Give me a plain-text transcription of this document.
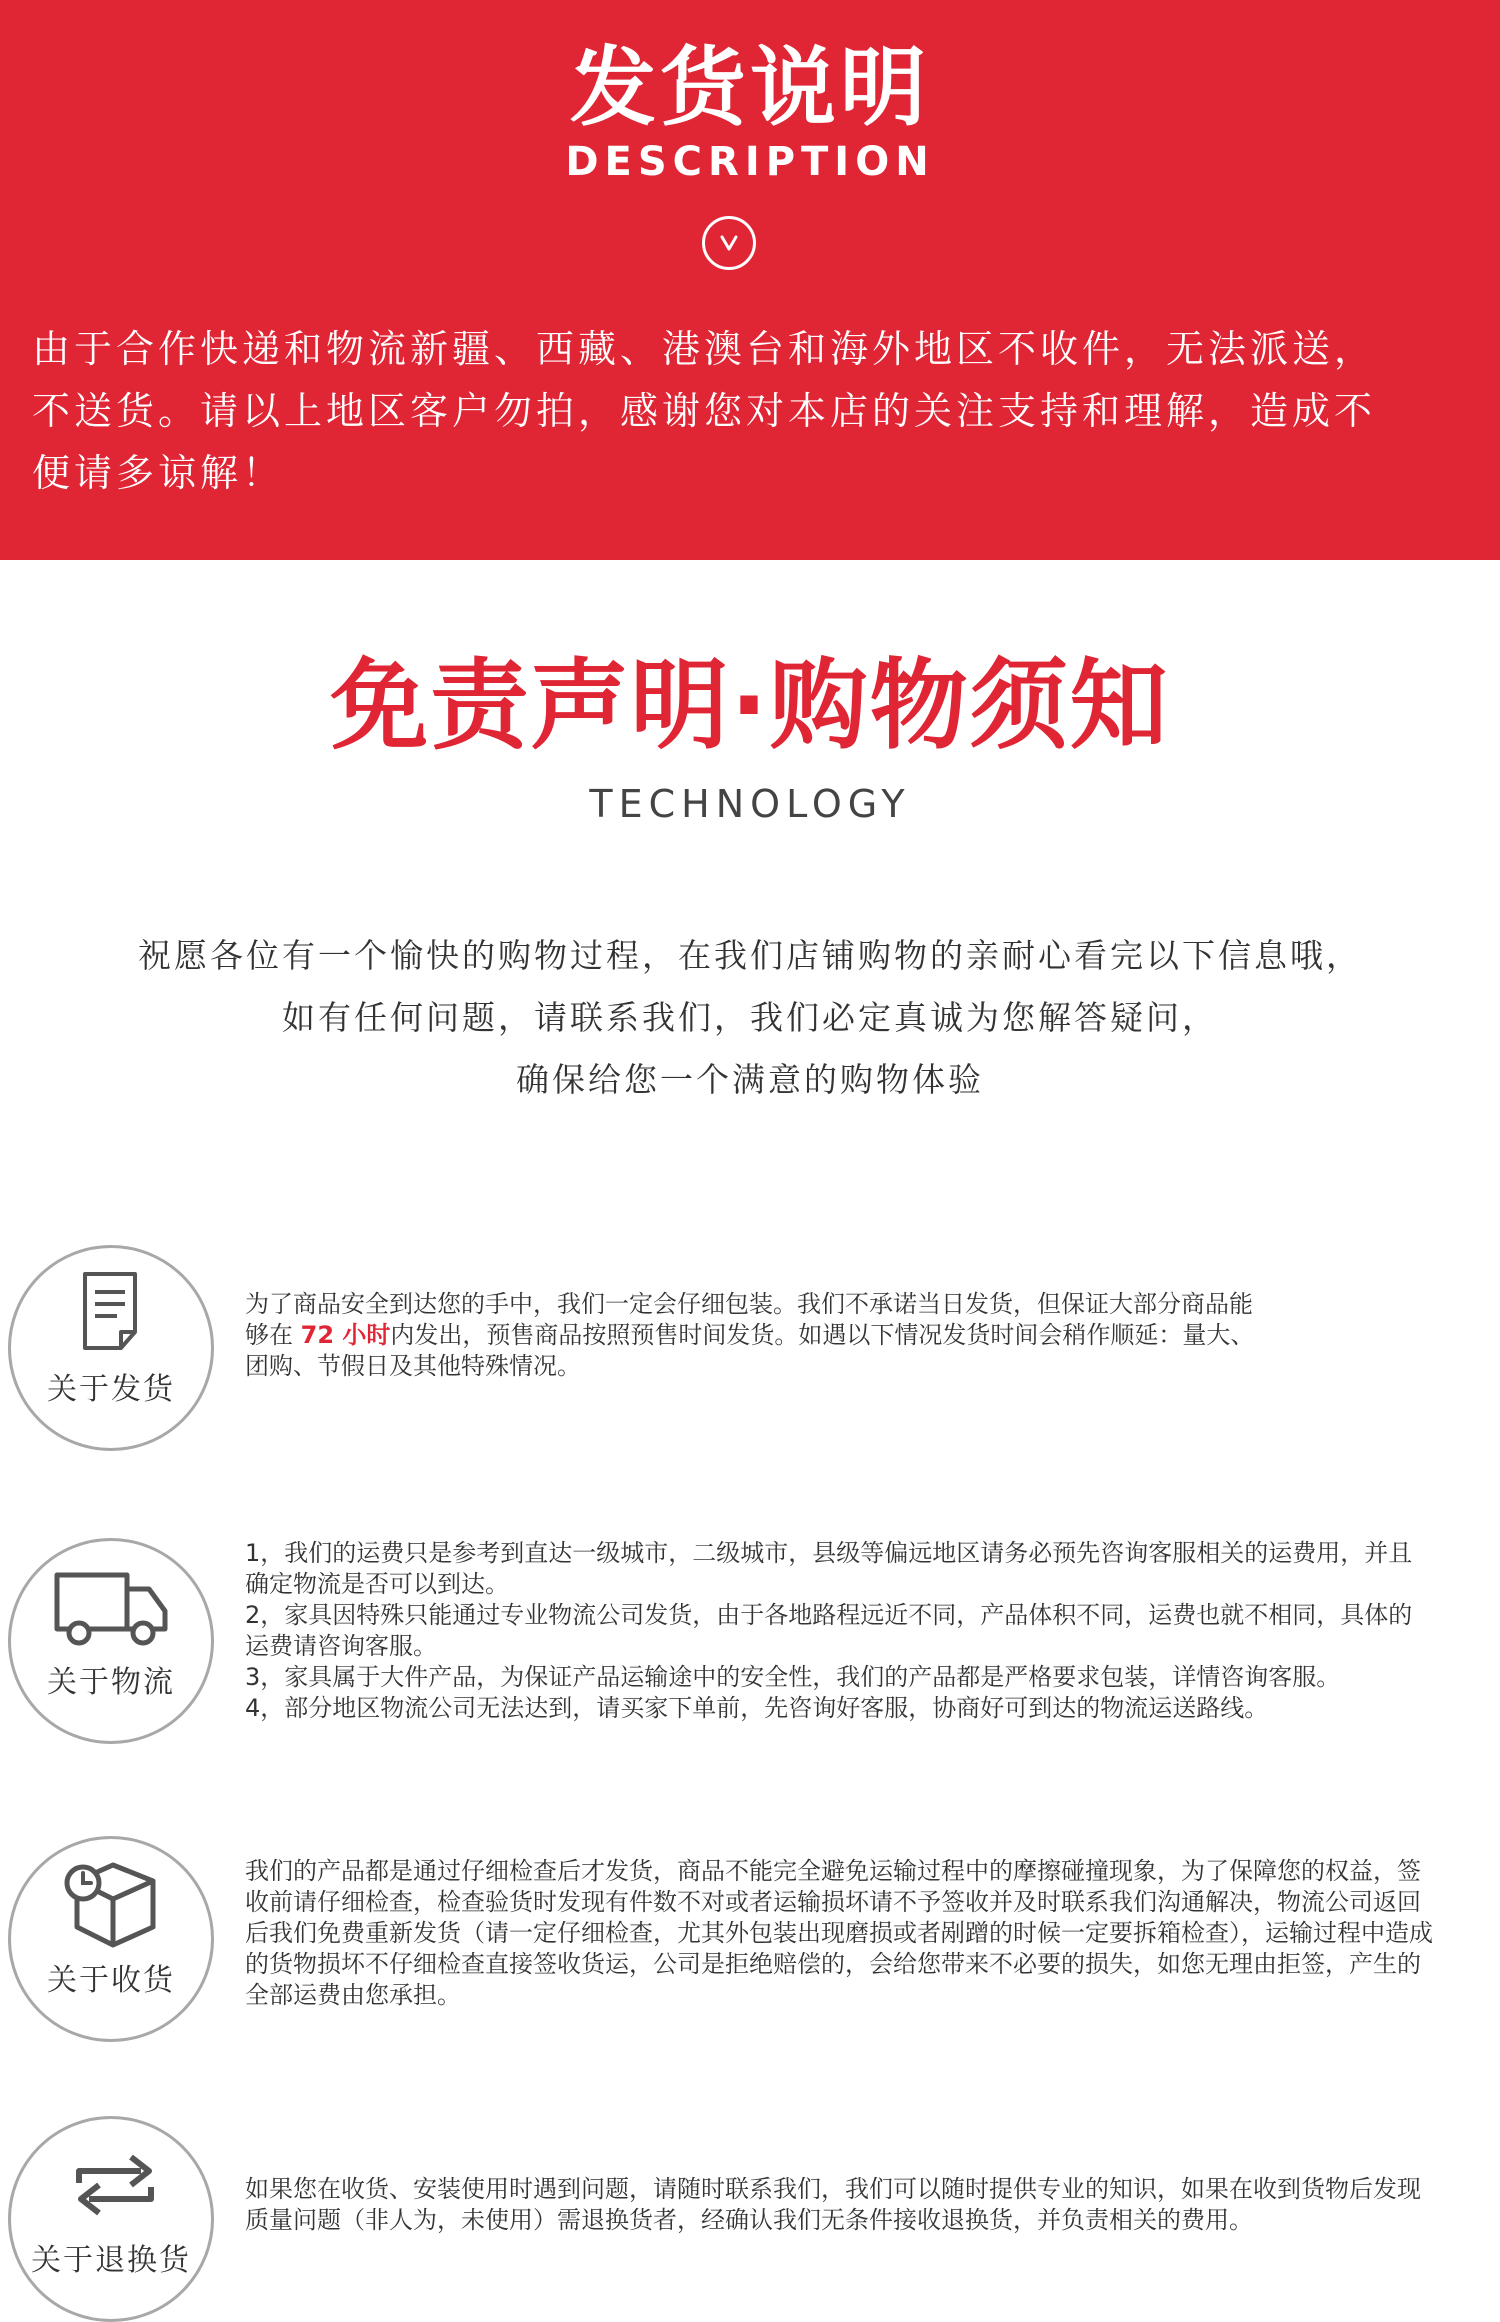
发货说明
DESCRIPTION
由于合作快递和物流新疆、西藏、港澳台和海外地区不收件，无法派送，
不送货。请以上地区客户勿拍，感谢您对本店的关注支持和理解，造成不
便请多谅解！
免责声明·购物须知
TECHNOLOGY
祝愿各位有一个愉快的购物过程，在我们店铺购物的亲耐心看完以下信息哦，
如有任何问题，请联系我们，我们必定真诚为您解答疑问，
确保给您一个满意的购物体验
关于发货

为了商品安全到达您的手中，我们一定会仔细包装。我们不承诺当日发货，但保证大部分商品能

够在 72 小时内发出，预售商品按照预售时间发货。如遇以下情况发货时间会稍作顺延：量大、

团购、节假日及其他特殊情况。

关于物流

1，我们的运费只是参考到直达一级城市，二级城市，县级等偏远地区请务必预先咨询客服相关的运费用，并且确定物流是否可以到达。

2，家具因特殊只能通过专业物流公司发货，由于各地路程远近不同，产品体积不同，运费也就不相同，具体的运费请咨询客服。

3，家具属于大件产品，为保证产品运输途中的安全性，我们的产品都是严格要求包装，详情咨询客服。

4，部分地区物流公司无法达到，请买家下单前，先咨询好客服，协商好可到达的物流运送路线。

关于收货
我们的产品都是通过仔细检查后才发货，商品不能完全避免运输过程中的摩擦碰撞现象，为了保障您的权益，签收前请仔细检查，检查验货时发现有件数不对或者运输损坏请不予签收并及时联系我们沟通解决，物流公司返回后我们免费重新发货（请一定仔细检查，尤其外包装出现磨损或者剐蹭的时候一定要拆箱检查），运输过程中造成的货物损坏不仔细检查直接签收货运，公司是拒绝赔偿的，会给您带来不必要的损失，如您无理由拒签，产生的全部运费由您承担。
关于退换货
如果您在收货、安装使用时遇到问题，请随时联系我们，我们可以随时提供专业的知识，如果在收到货物后发现质量问题（非人为，未使用）需退换货者，经确认我们无条件接收退换货，并负责相关的费用。
